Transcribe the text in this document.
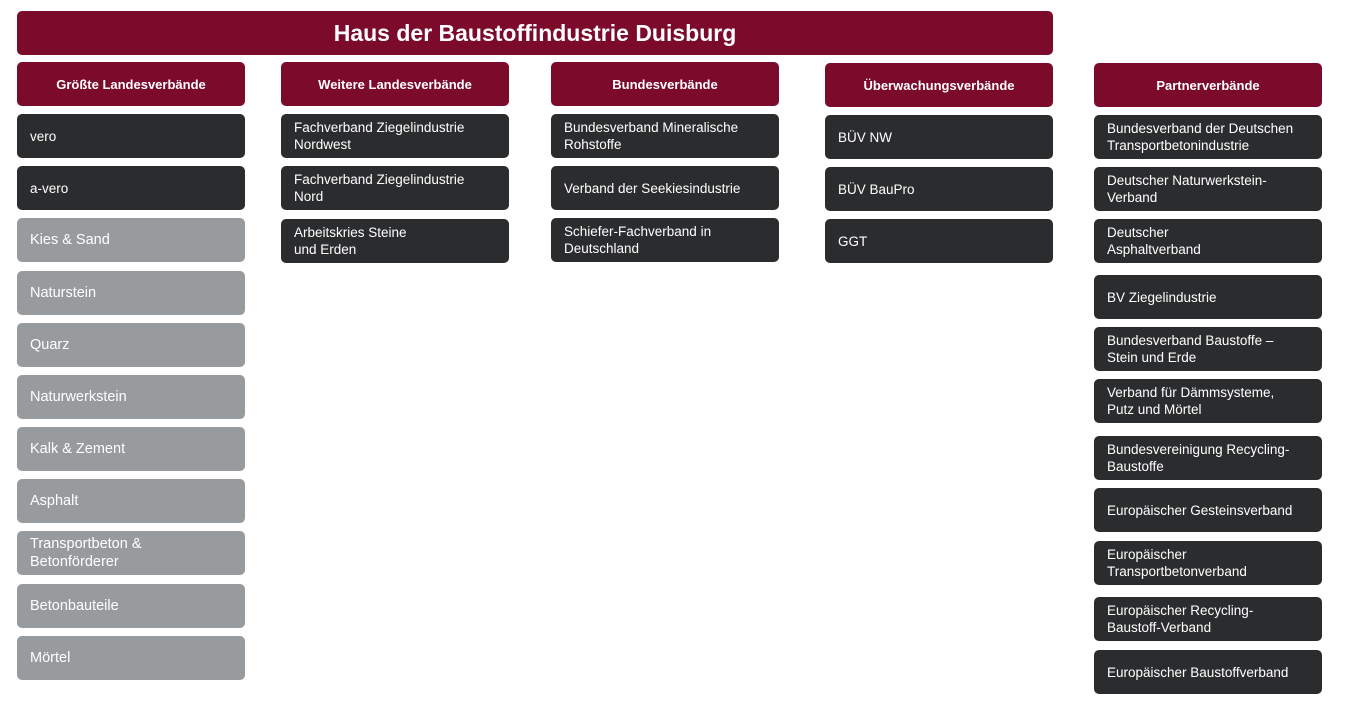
Haus der Baustoffindustrie Duisburg
Größte Landesverbände
vero
a-vero
Kies & Sand
Naturstein
Quarz
Naturwerkstein
Kalk & Zement
Asphalt
Transportbeton &
Betonförderer
Betonbauteile
Mörtel
Weitere Landesverbände
Fachverband Ziegelindustrie
Nordwest
Fachverband Ziegelindustrie
Nord
Arbeitskries Steine
und Erden
Bundesverbände
Bundesverband Mineralische
Rohstoffe
Verband der Seekiesindustrie
Schiefer-Fachverband in
Deutschland
Überwachungsverbände
BÜV NW
BÜV BauPro
GGT
Partnerverbände
Bundesverband der Deutschen
Transportbetonindustrie
Deutscher Naturwerkstein-
Verband
Deutscher
Asphaltverband
BV Ziegelindustrie
Bundesverband Baustoffe –
Stein und Erde
Verband für Dämmsysteme,
Putz und Mörtel
Bundesvereinigung Recycling-
Baustoffe
Europäischer Gesteinsverband
Europäischer
Transportbetonverband
Europäischer Recycling-
Baustoff-Verband
Europäischer Baustoffverband
